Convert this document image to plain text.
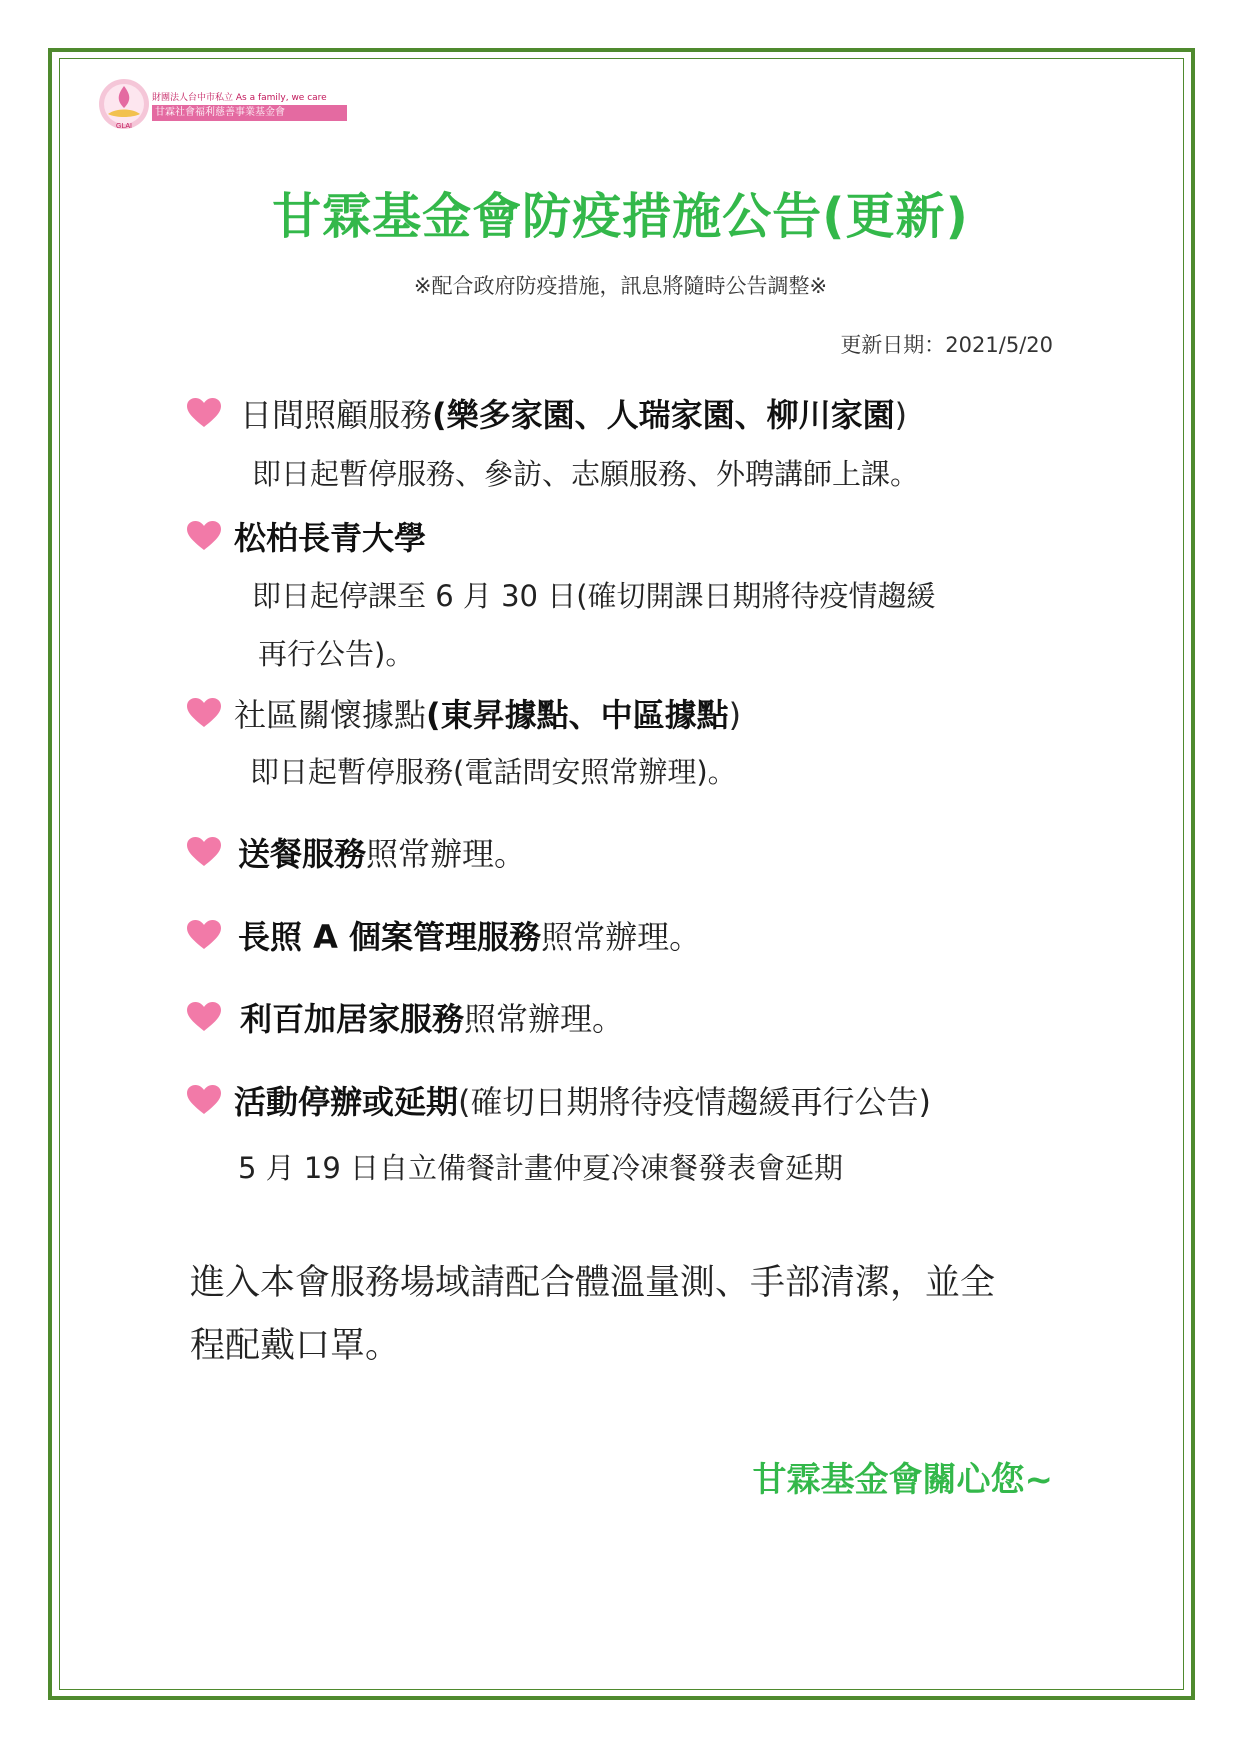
GLAI
財團法人台中市私立 As a family, we care
甘霖社會福利慈善事業基金會
甘霖基金會防疫措施公告(更新)
※配合政府防疫措施，訊息將隨時公告調整※
更新日期：2021/5/20
日間照顧服務(樂多家園、人瑞家園、柳川家園)
即日起暫停服務、參訪、志願服務、外聘講師上課。
松柏長青大學
即日起停課至 6 月 30 日(確切開課日期將待疫情趨緩
再行公告)。
社區關懷據點(東昇據點、中區據點)
即日起暫停服務(電話問安照常辦理)。
送餐服務照常辦理。
長照 A 個案管理服務照常辦理。
利百加居家服務照常辦理。
活動停辦或延期(確切日期將待疫情趨緩再行公告)
5 月 19 日自立備餐計畫仲夏冷凍餐發表會延期
進入本會服務場域請配合體溫量測、手部清潔，並全
程配戴口罩。
甘霖基金會關心您~
